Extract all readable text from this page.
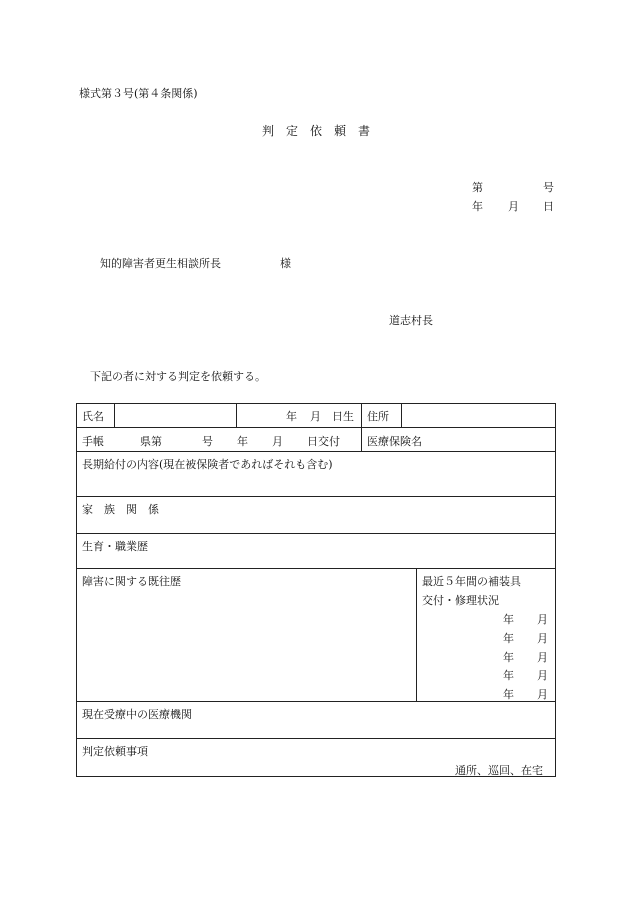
様式第３号(第４条関係)
判　定　依　頼　書
第	号
年 月 日
知的障害者更生相談所長	様
道志村長
下記の者に対する判定を依頼する。
氏名	年 月 日生 住所
手帳	県第	号 年 月 日交付 医療保険名
長期給付の内容(現在被保険者であればそれも含む)
家　族　関　係
生育・職業歴
障害に関する既往歴	最近５年間の補装具
交付・修理状況
年 月
年 月
年 月
年 月
年 月
現在受療中の医療機関
判定依頼事項
通所、巡回、在宅
